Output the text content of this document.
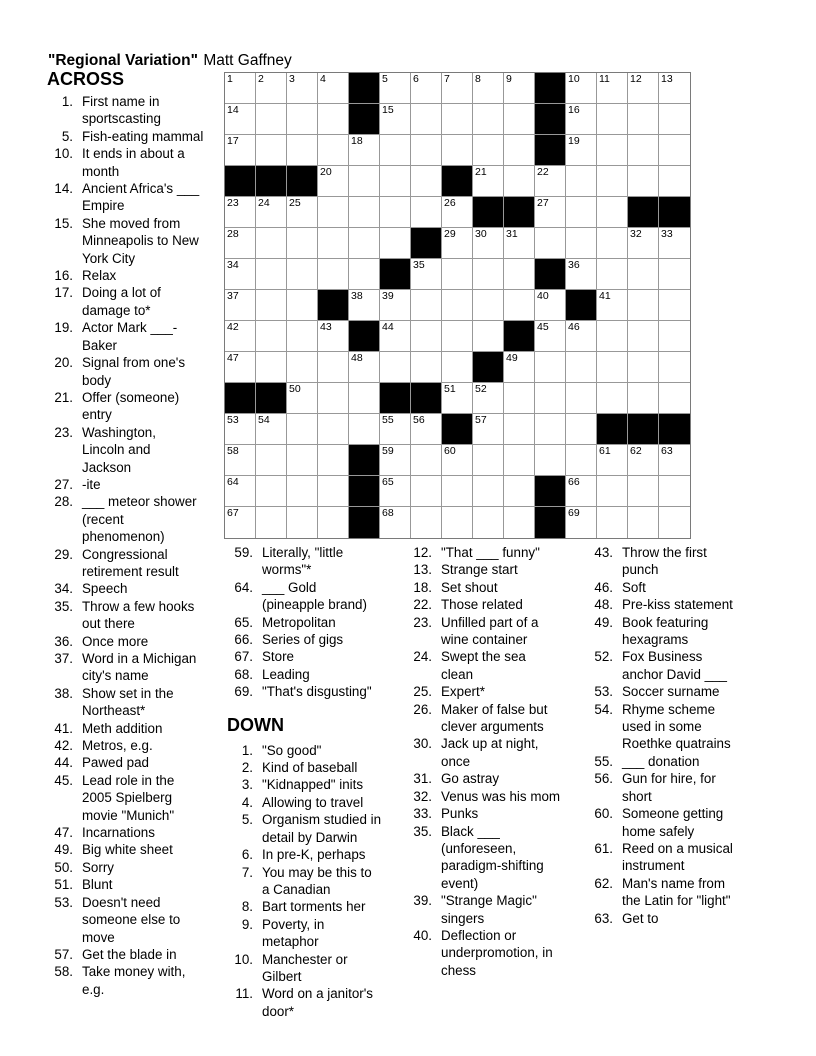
"Regional Variation" Matt Gaffney
ACROSS	1 2 3 4	5 6 7 8 9	10 11 12 13
14	15	16
17	18	19
20	21	22
23 24 25	26	27
28	29 30 31	32 33
34	35	36
37	38 39	40	41
42	43	44	45 46
47	48	49
50	51 52
53 54	55 56	57
58	59	60	61 62 63
64	65	66
67	68	69
1. First name in
sportscasting
5. Fish-eating mammal
10. It ends in about a
month
14. Ancient Africa's ___
Empire
15. She moved from
Minneapolis to New
York City
16. Relax
17. Doing a lot of
damage to*
19. Actor Mark ___-
Baker
20. Signal from one's
body
21. Offer (someone)
entry
23. Washington,
Lincoln and
Jackson
27. -ite
28. ___ meteor shower
(recent
phenomenon)
29. Congressional
retirement result
34. Speech
35. Throw a few hooks
out there
36. Once more
37. Word in a Michigan
city's name
38. Show set in the
Northeast*
41. Meth addition
42. Metros, e.g.
44. Pawed pad
45. Lead role in the
2005 Spielberg
movie "Munich"
47. Incarnations
49. Big white sheet
50. Sorry
51. Blunt
53. Doesn't need
someone else to
move
57. Get the blade in
58. Take money with,
e.g.
59. Literally, "little
worms"*
64. ___ Gold
(pineapple brand)
65. Metropolitan
66. Series of gigs
67. Store
68. Leading
69. "That's disgusting"
DOWN
1. "So good"
2. Kind of baseball
3. "Kidnapped" inits
4. Allowing to travel
5. Organism studied in
detail by Darwin
6. In pre-K, perhaps
7. You may be this to
a Canadian
8. Bart torments her
9. Poverty, in
metaphor
10. Manchester or
Gilbert
11. Word on a janitor's
door*
12. "That ___ funny"
13. Strange start
18. Set shout
22. Those related
23. Unfilled part of a
wine container
24. Swept the sea
clean
25. Expert*
26. Maker of false but
clever arguments
30. Jack up at night,
once
31. Go astray
32. Venus was his mom
33. Punks
35. Black ___
(unforeseen,
paradigm-shifting
event)
39. "Strange Magic"
singers
40. Deflection or
underpromotion, in
chess
43. Throw the first
punch
46. Soft
48. Pre-kiss statement
49. Book featuring
hexagrams
52. Fox Business
anchor David ___
53. Soccer surname
54. Rhyme scheme
used in some
Roethke quatrains
55. ___ donation
56. Gun for hire, for
short
60. Someone getting
home safely
61. Reed on a musical
instrument
62. Man's name from
the Latin for "light"
63. Get to
